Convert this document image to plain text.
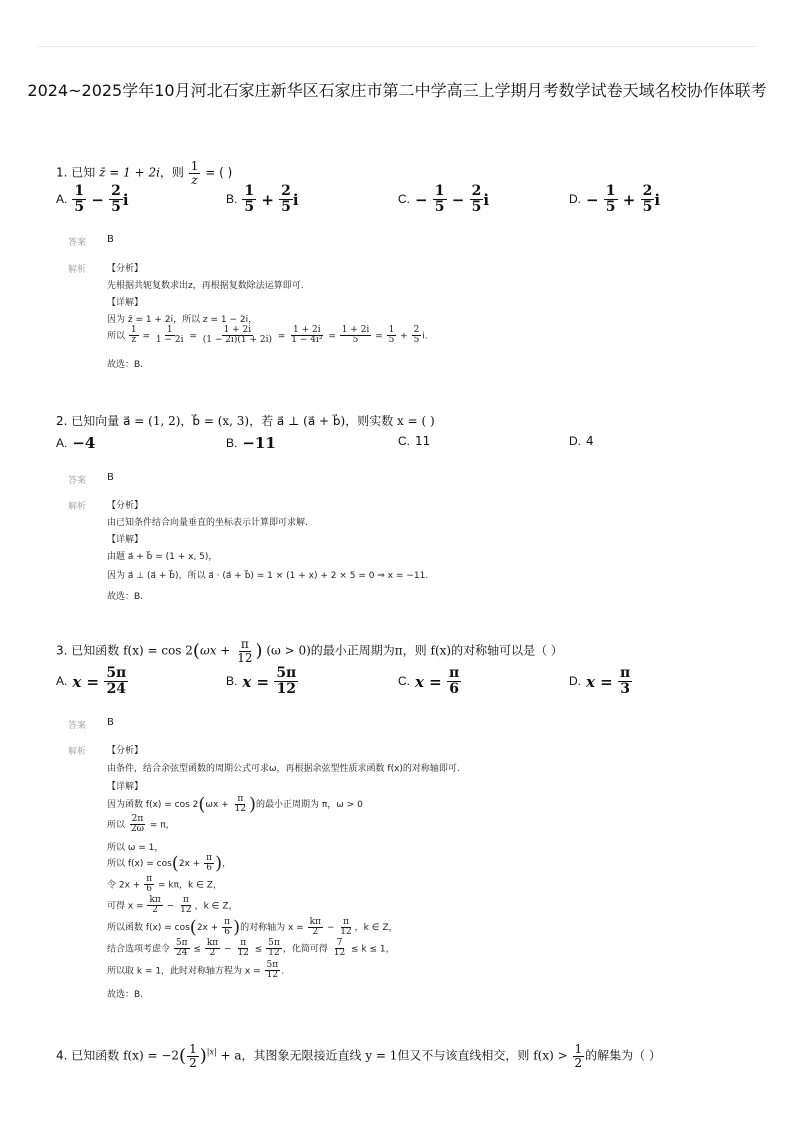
2024~2025学年10月河北石家庄新华区石家庄市第二中学高三上学期月考数学试卷天域名校协作体联考
1. 已知 z̄ = 1 + 2i，则 $\frac{1}{z}$ = ( )
A. $\frac{1}{5} - \frac{2}{5}$ i	B. $\frac{1}{5} + \frac{2}{5}$ i	C. − $\frac{1}{5} - \frac{2}{5}$ i	D. − $\frac{1}{5} + \frac{2}{5}$ i
答案 B
解析 【分析】
先根据共轭复数求出z，再根据复数除法运算即可.
【详解】
因为 z̄ = 1 + 2i，所以 z = 1 − 2i，
所以 $\frac{1}{z} = \frac{1}{1 - 2i} = \frac{1 + 2i}{(1 - 2i)(1 + 2i)} = \frac{1 + 2i}{\text{1 − 4i²}} = \frac{1 + 2i}{5} = \frac{1}{5} + \frac{2}{5} i$.
故选：B.
2. 已知向量 a⃗ = (1, 2)，b⃗ = (x, 3)，若 a⃗ ⊥ (a⃗ + b⃗)，则实数 x = ( )
A. −4	B. −11	C. 11	D. 4
答案 B
解析 【分析】
由已知条件结合向量垂直的坐标表示计算即可求解.
【详解】
由题 a⃗ + b⃗ = (1 + x, 5)，
因为 a⃗ ⊥ (a⃗ + b⃗)，所以 a⃗ · (a⃗ + b⃗) = 1 × (1 + x) + 2 × 5 = 0 ⇒ x = −11.
故选：B.
3. 已知函数 $f(x) = \cos 2(\omega x + \frac{\pi}{12}$ ) (ω > 0)的最小正周期为π，则 f(x)的对称轴可以是（ ）
A. $x = \frac{5\pi}{24}$	B. $x = \frac{5\pi}{12}$	C. $x = \frac{\pi}{6}$	D. $x = \frac{\pi}{3}$
答案 B
解析 【分析】
由条件，结合余弦型函数的周期公式可求ω，再根据余弦型性质求函数 f(x)的对称轴即可.
【详解】
因为函数 $f(x) = \cos 2(\omega x + \frac{\pi}{12}$ )的最小正周期为 π，ω > 0
所以 $\frac{2\pi}{2\omega} = \pi$，
所以 ω = 1，
所以 $f(x) = \cos(2x + \frac{\pi}{6}$ )，
令 $2x + \frac{\pi}{6} = k\pi$，k ∈ Z，
可得 $x = \frac{k\pi}{2} - \frac{\pi}{12}$ ，k ∈ Z，
所以函数 $f(x) = \cos(2x + \frac{\pi}{6}$ )的对称轴为 $x = \frac{k\pi}{2} - \frac{\pi}{12}$ ，k ∈ Z，
结合选项考虑令 $\frac{5\pi}{24} \le \frac{k\pi}{2} - \frac{\pi}{12} \le \frac{5\pi}{12}$ ，化简可得 $\frac{7}{12} \le k \le 1$，
所以取 k = 1，此时对称轴方程为 $x = \frac{5\pi}{12}$ .
故选：B.
4. 已知函数 $f(x) = -2( \frac{1}{2} )^{|x|} + a$，其图象无限接近直线 y = 1但又不与该直线相交，则 $f(x) > \frac{1}{2}$ 的解集为（ ）
